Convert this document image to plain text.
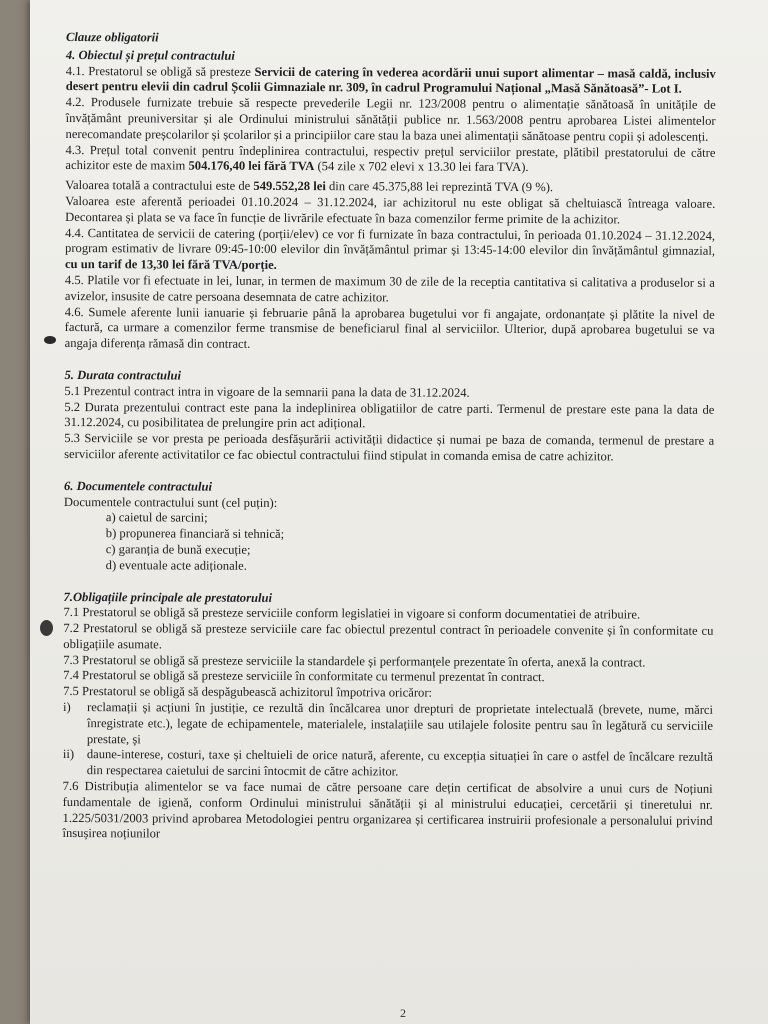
Clauze obligatorii

4. Obiectul și prețul contractului

4.1. Prestatorul se obligă să presteze Servicii de catering în vederea acordării unui suport alimentar – masă caldă, inclusiv desert pentru elevii din cadrul Școlii Gimnaziale nr. 309, în cadrul Programului Național „Masă Sănătoasă”- Lot I.

4.2. Produsele furnizate trebuie să respecte prevederile Legii nr. 123/2008 pentru o alimentație sănătoasă în unitățile de învățământ preuniversitar și ale Ordinului ministrului sănătății publice nr. 1.563/2008 pentru aprobarea Listei alimentelor nerecomandate preșcolarilor și școlarilor și a principiilor care stau la baza unei alimentații sănătoase pentru copii și adolescenți.

4.3. Prețul total convenit pentru îndeplinirea contractului, respectiv prețul serviciilor prestate, plătibil prestatorului de către achizitor este de maxim 504.176,40 lei fără TVA (54 zile x 702 elevi x 13.30 lei fara TVA).

Valoarea totală a contractului este de 549.552,28 lei din care 45.375,88 lei reprezintă TVA (9 %).

Valoarea este aferentă perioadei 01.10.2024 – 31.12.2024, iar achizitorul nu este obligat să cheltuiască întreaga valoare. Decontarea și plata se va face în funcție de livrările efectuate în baza comenzilor ferme primite de la achizitor.

4.4. Cantitatea de servicii de catering (porții/elev) ce vor fi furnizate în baza contractului, în perioada 01.10.2024 – 31.12.2024, program estimativ de livrare 09:45-10:00 elevilor din învățământul primar și 13:45-14:00 elevilor din învățământul gimnazial, cu un tarif de 13,30 lei fără TVA/porție.

4.5. Platile vor fi efectuate in lei, lunar, in termen de maximum 30 de zile de la receptia cantitativa si calitativa a produselor si a avizelor, insusite de catre persoana desemnata de catre achizitor.

4.6. Sumele aferente lunii ianuarie și februarie până la aprobarea bugetului vor fi angajate, ordonanțate și plătite la nivel de factură, ca urmare a comenzilor ferme transmise de beneficiarul final al serviciilor. Ulterior, după aprobarea bugetului se va angaja diferența rămasă din contract.

5. Durata contractului

5.1 Prezentul contract intra in vigoare de la semnarii pana la data de 31.12.2024.

5.2 Durata prezentului contract este pana la indeplinirea obligatiilor de catre parti. Termenul de prestare este pana la data de 31.12.2024, cu posibilitatea de prelungire prin act adițional.

5.3 Serviciile se vor presta pe perioada desfășurării activității didactice și numai pe baza de comanda, termenul de prestare a serviciilor aferente activitatilor ce fac obiectul contractului fiind stipulat in comanda emisa de catre achizitor.

6. Documentele contractului

Documentele contractului sunt (cel puțin):

a) caietul de sarcini;
b) propunerea financiară si tehnică;
c) garanția de bună execuție;
d) eventuale acte adiționale.

7.Obligațiile principale ale prestatorului

7.1 Prestatorul se obligă să presteze serviciile conform legislatiei in vigoare si conform documentatiei de atribuire.

7.2 Prestatorul se obligă să presteze serviciile care fac obiectul prezentul contract în perioadele convenite și în conformitate cu obligațiile asumate.

7.3 Prestatorul se obligă să presteze serviciile la standardele și performanțele prezentate în oferta, anexă la contract.

7.4 Prestatorul se obligă să presteze serviciile în conformitate cu termenul prezentat în contract.

7.5 Prestatorul se obligă să despăgubească achizitorul împotriva oricăror:

i)	reclamații și acțiuni în justiție, ce rezultă din încălcarea unor drepturi de proprietate intelectuală (brevete, nume, mărci înregistrate etc.), legate de echipamentele, materialele, instalațiile sau utilajele folosite pentru sau în legătură cu serviciile prestate, și
ii)	daune-interese, costuri, taxe și cheltuieli de orice natură, aferente, cu excepția situației în care o astfel de încălcare rezultă din respectarea caietului de sarcini întocmit de către achizitor.

7.6 Distribuția alimentelor se va face numai de către persoane care dețin certificat de absolvire a unui curs de Noțiuni fundamentale de igienă, conform Ordinului ministrului sănătății și al ministrului educației, cercetării și tineretului nr. 1.225/5031/2003 privind aprobarea Metodologiei pentru organizarea și certificarea instruirii profesionale a personalului privind însușirea noțiunilor

2
